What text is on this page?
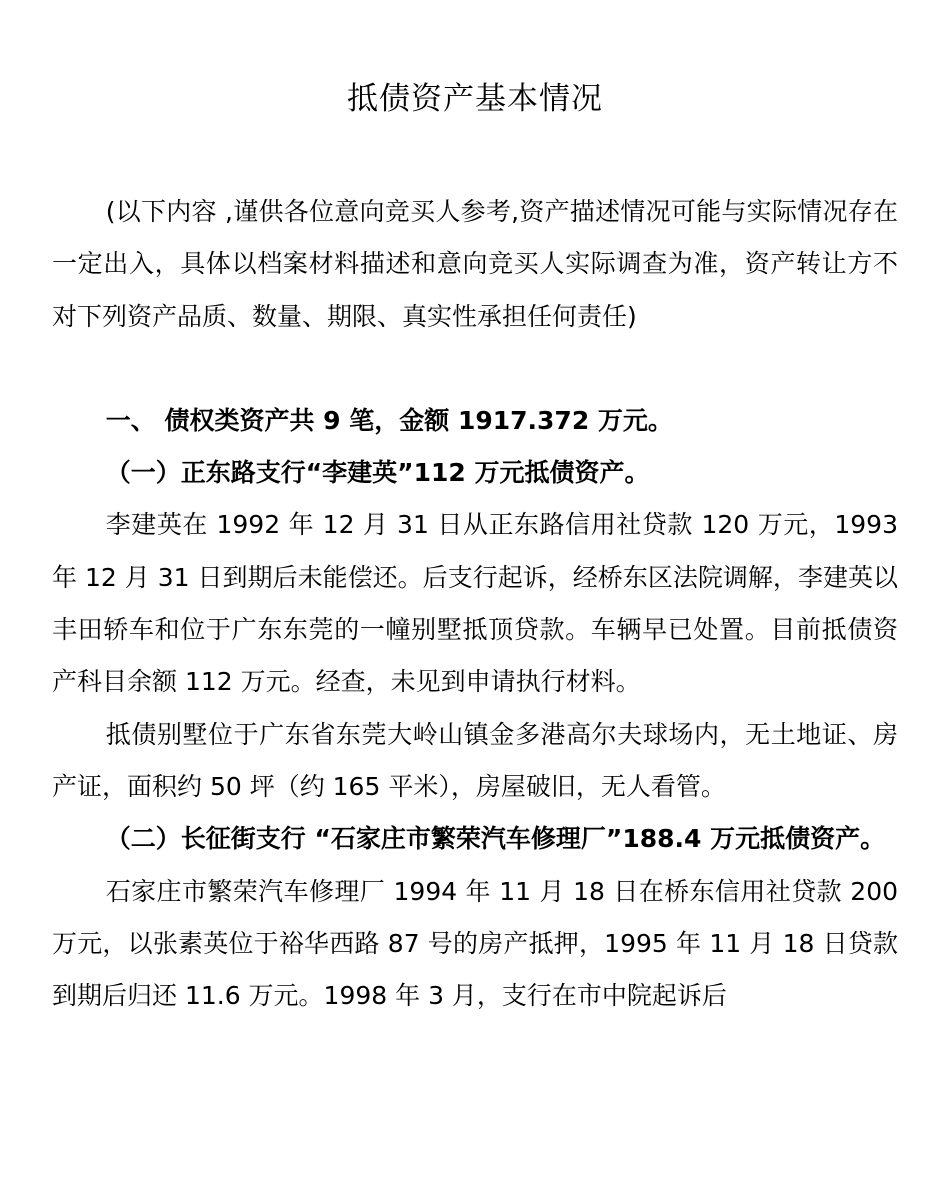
抵债资产基本情况

(以下内容 ,谨供各位意向竞买人参考,资产描述情况可能与实际情况存在一定出入，具体以档案材料描述和意向竞买人实际调查为准，资产转让方不对下列资产品质、数量、期限、真实性承担任何责任)

一、 债权类资产共 9 笔，金额 1917.372 万元。

（一）正东路支行“李建英”112 万元抵债资产。

李建英在 1992 年 12 月 31 日从正东路信用社贷款 120 万元，1993 年 12 月 31 日到期后未能偿还。后支行起诉，经桥东区法院调解，李建英以丰田轿车和位于广东东莞的一幢别墅抵顶贷款。车辆早已处置。目前抵债资产科目余额 112 万元。经查，未见到申请执行材料。

抵债别墅位于广东省东莞大岭山镇金多港高尔夫球场内，无土地证、房产证，面积约 50 坪（约 165 平米），房屋破旧，无人看管。

（二）长征街支行 “石家庄市繁荣汽车修理厂”188.4 万元抵债资产。

石家庄市繁荣汽车修理厂 1994 年 11 月 18 日在桥东信用社贷款 200 万元，以张素英位于裕华西路 87 号的房产抵押，1995 年 11 月 18 日贷款到期后归还 11.6 万元。1998 年 3 月，支行在市中院起诉后
